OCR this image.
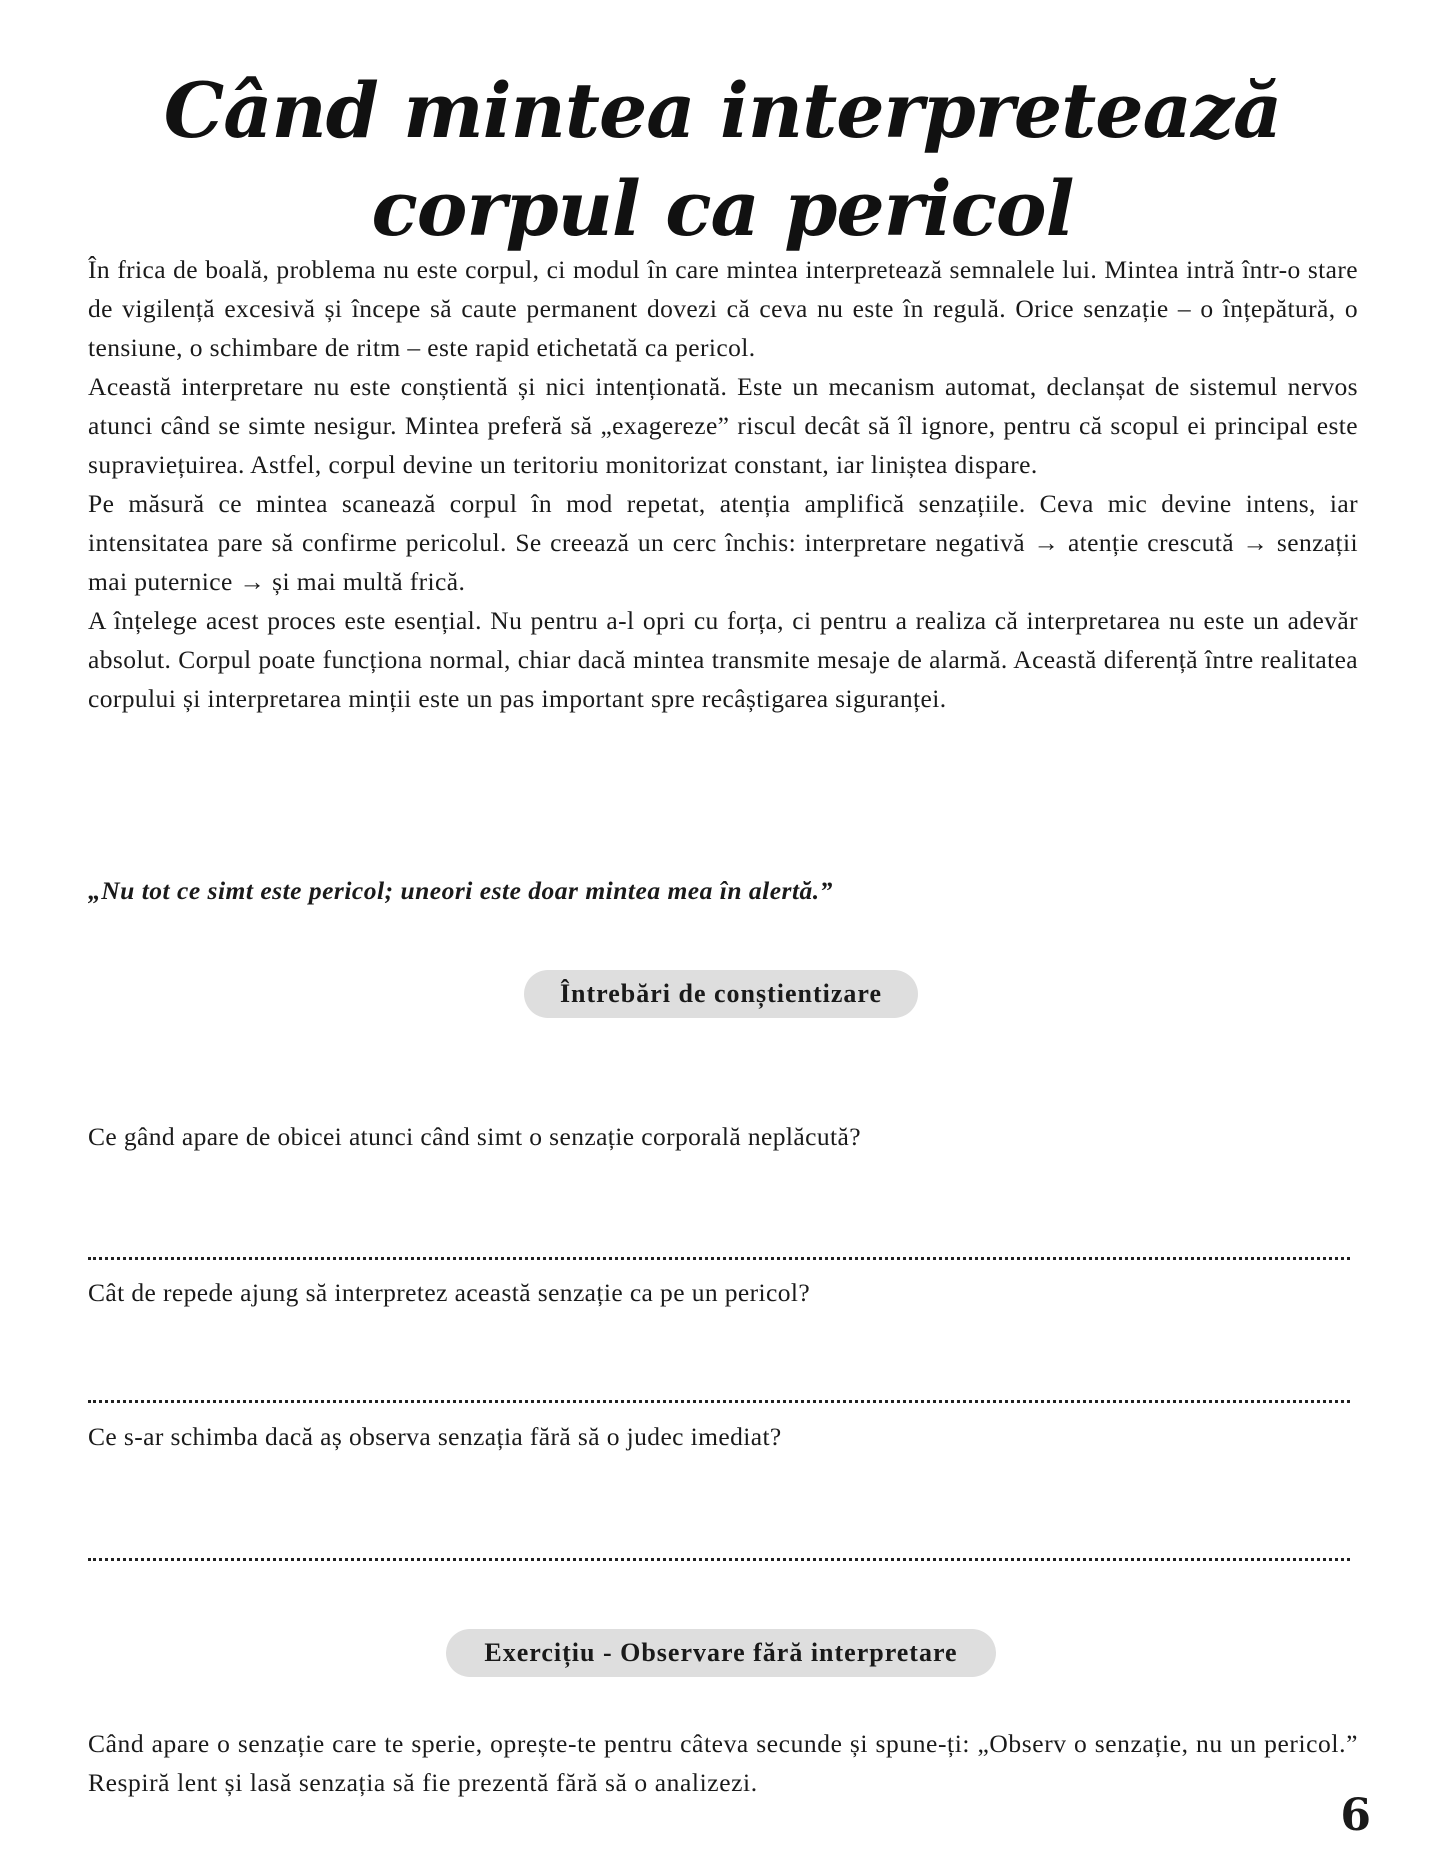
Când mintea interpretează corpul ca pericol

În frica de boală, problema nu este corpul, ci modul în care mintea interpretează semnalele lui. Mintea intră într-o stare de vigilență excesivă și începe să caute permanent dovezi că ceva nu este în regulă. Orice senzație – o înțepătură, o tensiune, o schimbare de ritm – este rapid etichetată ca pericol.

Această interpretare nu este conștientă și nici intenționată. Este un mecanism automat, declanșat de sistemul nervos atunci când se simte nesigur. Mintea preferă să „exagereze” riscul decât să îl ignore, pentru că scopul ei principal este supraviețuirea. Astfel, corpul devine un teritoriu monitorizat constant, iar liniștea dispare.

Pe măsură ce mintea scanează corpul în mod repetat, atenția amplifică senzațiile. Ceva mic devine intens, iar intensitatea pare să confirme pericolul. Se creează un cerc închis: interpretare negativă → atenție crescută → senzații mai puternice → și mai multă frică.

A înțelege acest proces este esențial. Nu pentru a-l opri cu forța, ci pentru a realiza că interpretarea nu este un adevăr absolut. Corpul poate funcționa normal, chiar dacă mintea transmite mesaje de alarmă. Această diferență între realitatea corpului și interpretarea minții este un pas important spre recâștigarea siguranței.

„Nu tot ce simt este pericol; uneori este doar mintea mea în alertă.”
Întrebări de conștientizare
Ce gând apare de obicei atunci când simt o senzație corporală neplăcută?
Cât de repede ajung să interpretez această senzație ca pe un pericol?
Ce s-ar schimba dacă aș observa senzația fără să o judec imediat?
Exercițiu - Observare fără interpretare
Când apare o senzație care te sperie, oprește-te pentru câteva secunde și spune-ți: „Observ o senzație, nu un pericol.” Respiră lent și lasă senzația să fie prezentă fără să o analizezi.
6
